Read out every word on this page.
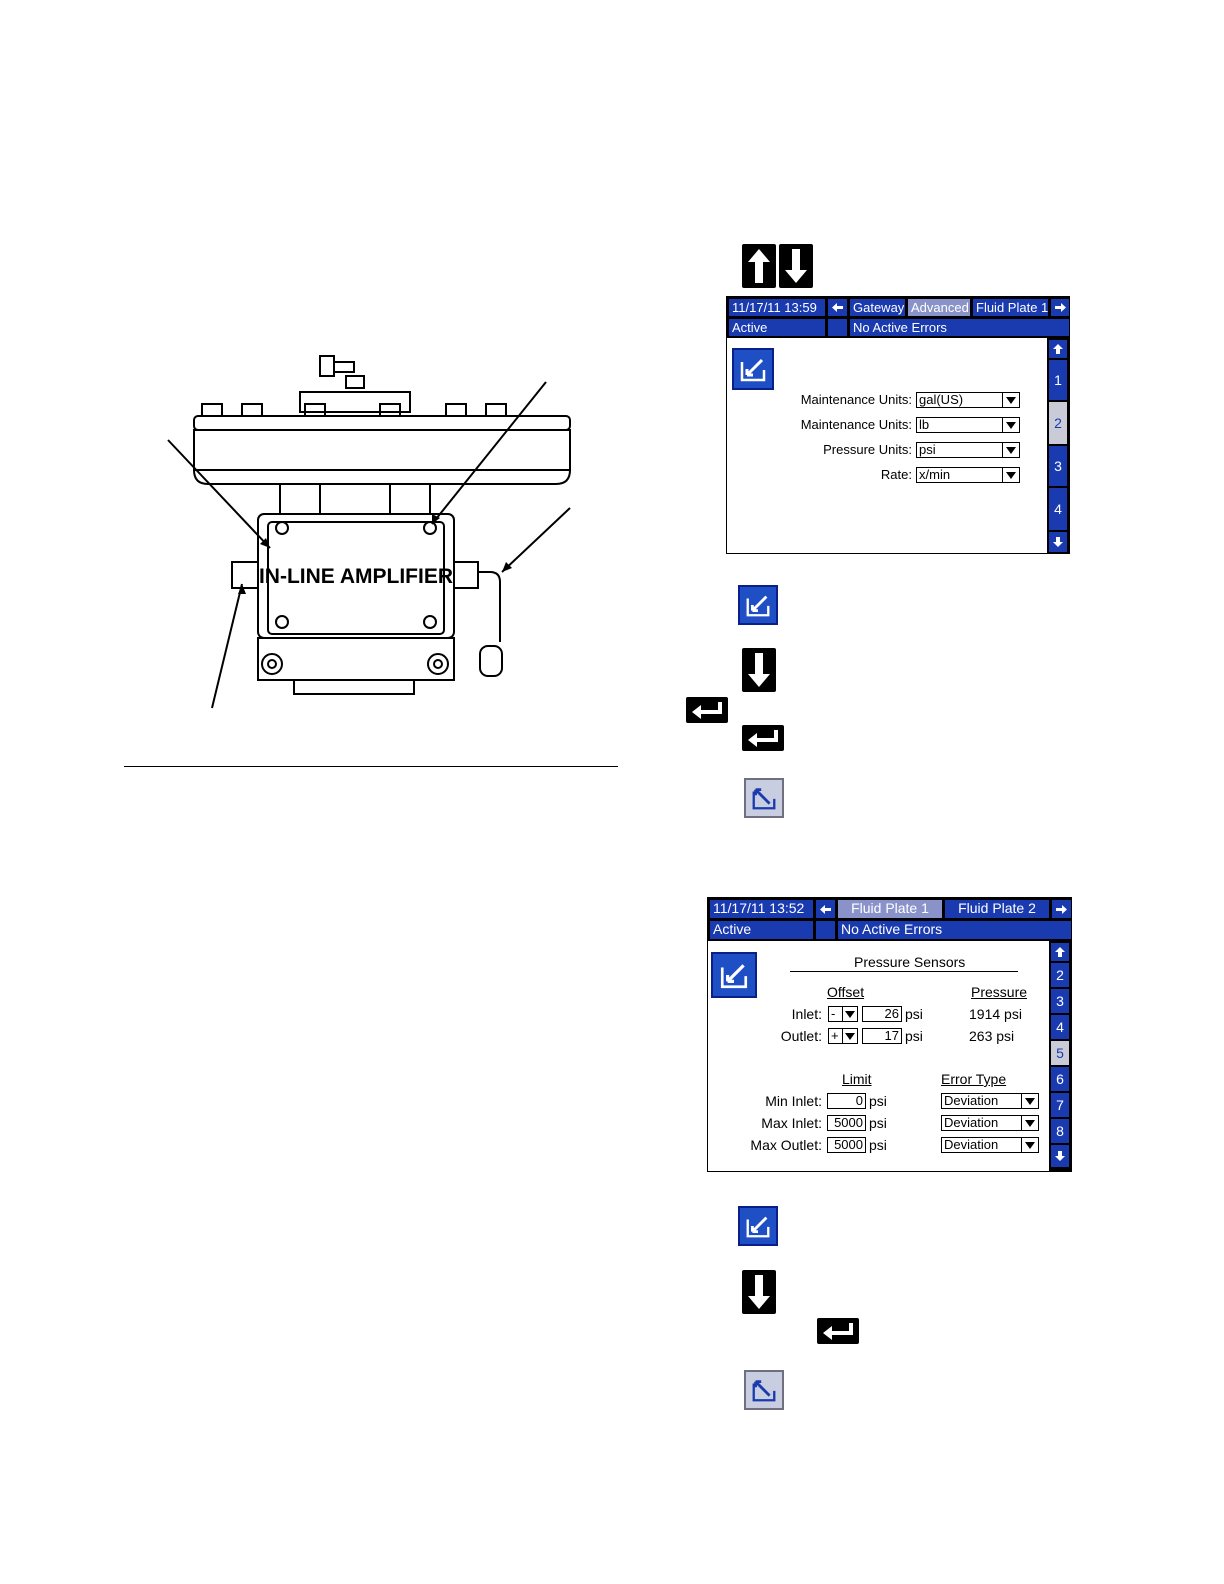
IN-LINE AMPLIFIER
11/17/11 13:59	Gateway Advanced Fluid Plate 1
Active	No Active Errors
Maintenance Units: gal(US)
Maintenance Units: lb
Pressure Units: psi
Rate: x/min
1
2
3
4
11/17/11 13:52	Fluid Plate 1	Fluid Plate 2
Active	No Active Errors
Pressure Sensors
Offset	Pressure
Inlet: -	26 psi	1914 psi
Outlet: +	17 psi	263 psi
Limit	Error Type
Min Inlet:	0 psi	Deviation
Max Inlet: 5000 psi	Deviation
Max Outlet: 5000 psi	Deviation
2
3
4
5
6
7
8
